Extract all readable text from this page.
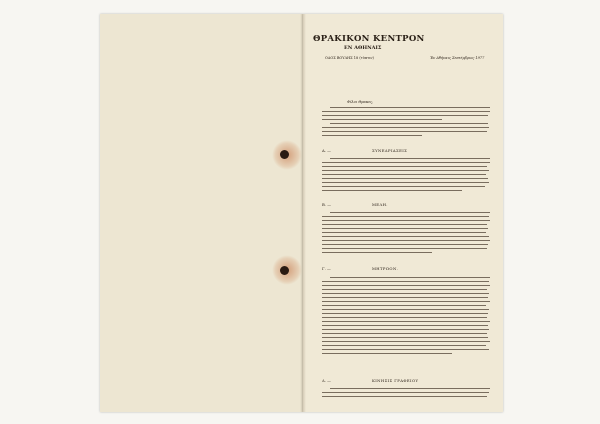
ΘΡΑΚΙΚΟΝ ΚΕΝΤΡΟΝ
ΕΝ ΑΘΗΝΑΙΣ
ΟΔΟΣ ΒΟΥΛΗΣ 18 (τύπτιν)	Έν Αθήναις Σεπτέμβριος 1977
Φίλοι Θρακες,
Α. —	ΣΥΝΕΔΡΙΑΣΕΙΣ
Β. —	ΜΕΛΗ.
Γ. —	ΜΗΤΡΩΟΝ.
Δ. —	ΚΙΝΗΣΙΣ ΓΡΑΦΕΙΟΥ
